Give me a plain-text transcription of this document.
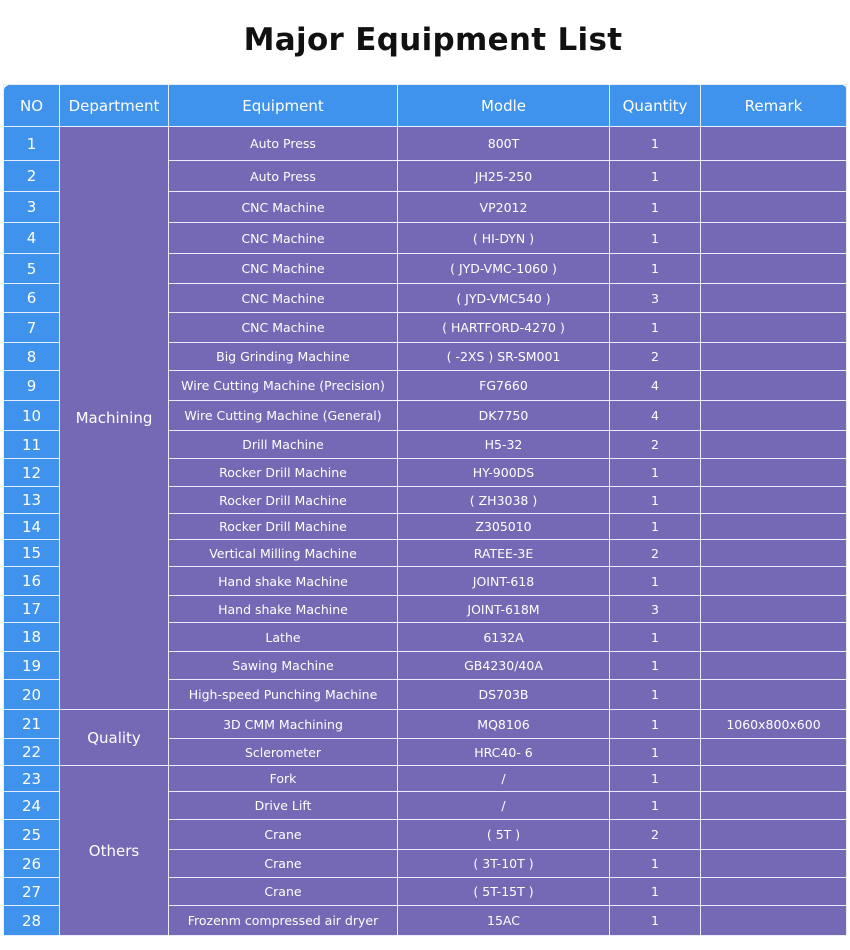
Major Equipment List
NO	Department	Equipment	Modle	Quantity	Remark
1	Machining	Auto Press	800T	1	
2		Auto Press	JH25-250	1	
3		CNC Machine	VP2012	1	
4		CNC Machine	( HI-DYN )	1	
5		CNC Machine	( JYD-VMC-1060 )	1	
6		CNC Machine	( JYD-VMC540 )	3	
7		CNC Machine	( HARTFORD-4270 )	1	
8		Big Grinding Machine	( -2XS ) SR-SM001	2	
9		Wire Cutting Machine (Precision)	FG7660	4	
10		Wire Cutting Machine (General)	DK7750	4	
11		Drill Machine	H5-32	2	
12		Rocker Drill Machine	HY-900DS	1	
13		Rocker Drill Machine	( ZH3038 )	1	
14		Rocker Drill Machine	Z305010	1	
15		Vertical Milling Machine	RATEE-3E	2	
16		Hand shake Machine	JOINT-618	1	
17		Hand shake Machine	JOINT-618M	3	
18		Lathe	6132A	1	
19		Sawing Machine	GB4230/40A	1	
20		High-speed Punching Machine	DS703B	1	
21	Quality	3D CMM Machining	MQ8106	1	1060x800x600
22		Sclerometer	HRC40- 6	1	
23	Others	Fork	/	1	
24		Drive Lift	/	1	
25		Crane	( 5T )	2	
26		Crane	( 3T-10T )	1	
27		Crane	( 5T-15T )	1	
28		Frozenm compressed air dryer	15AC	1	
